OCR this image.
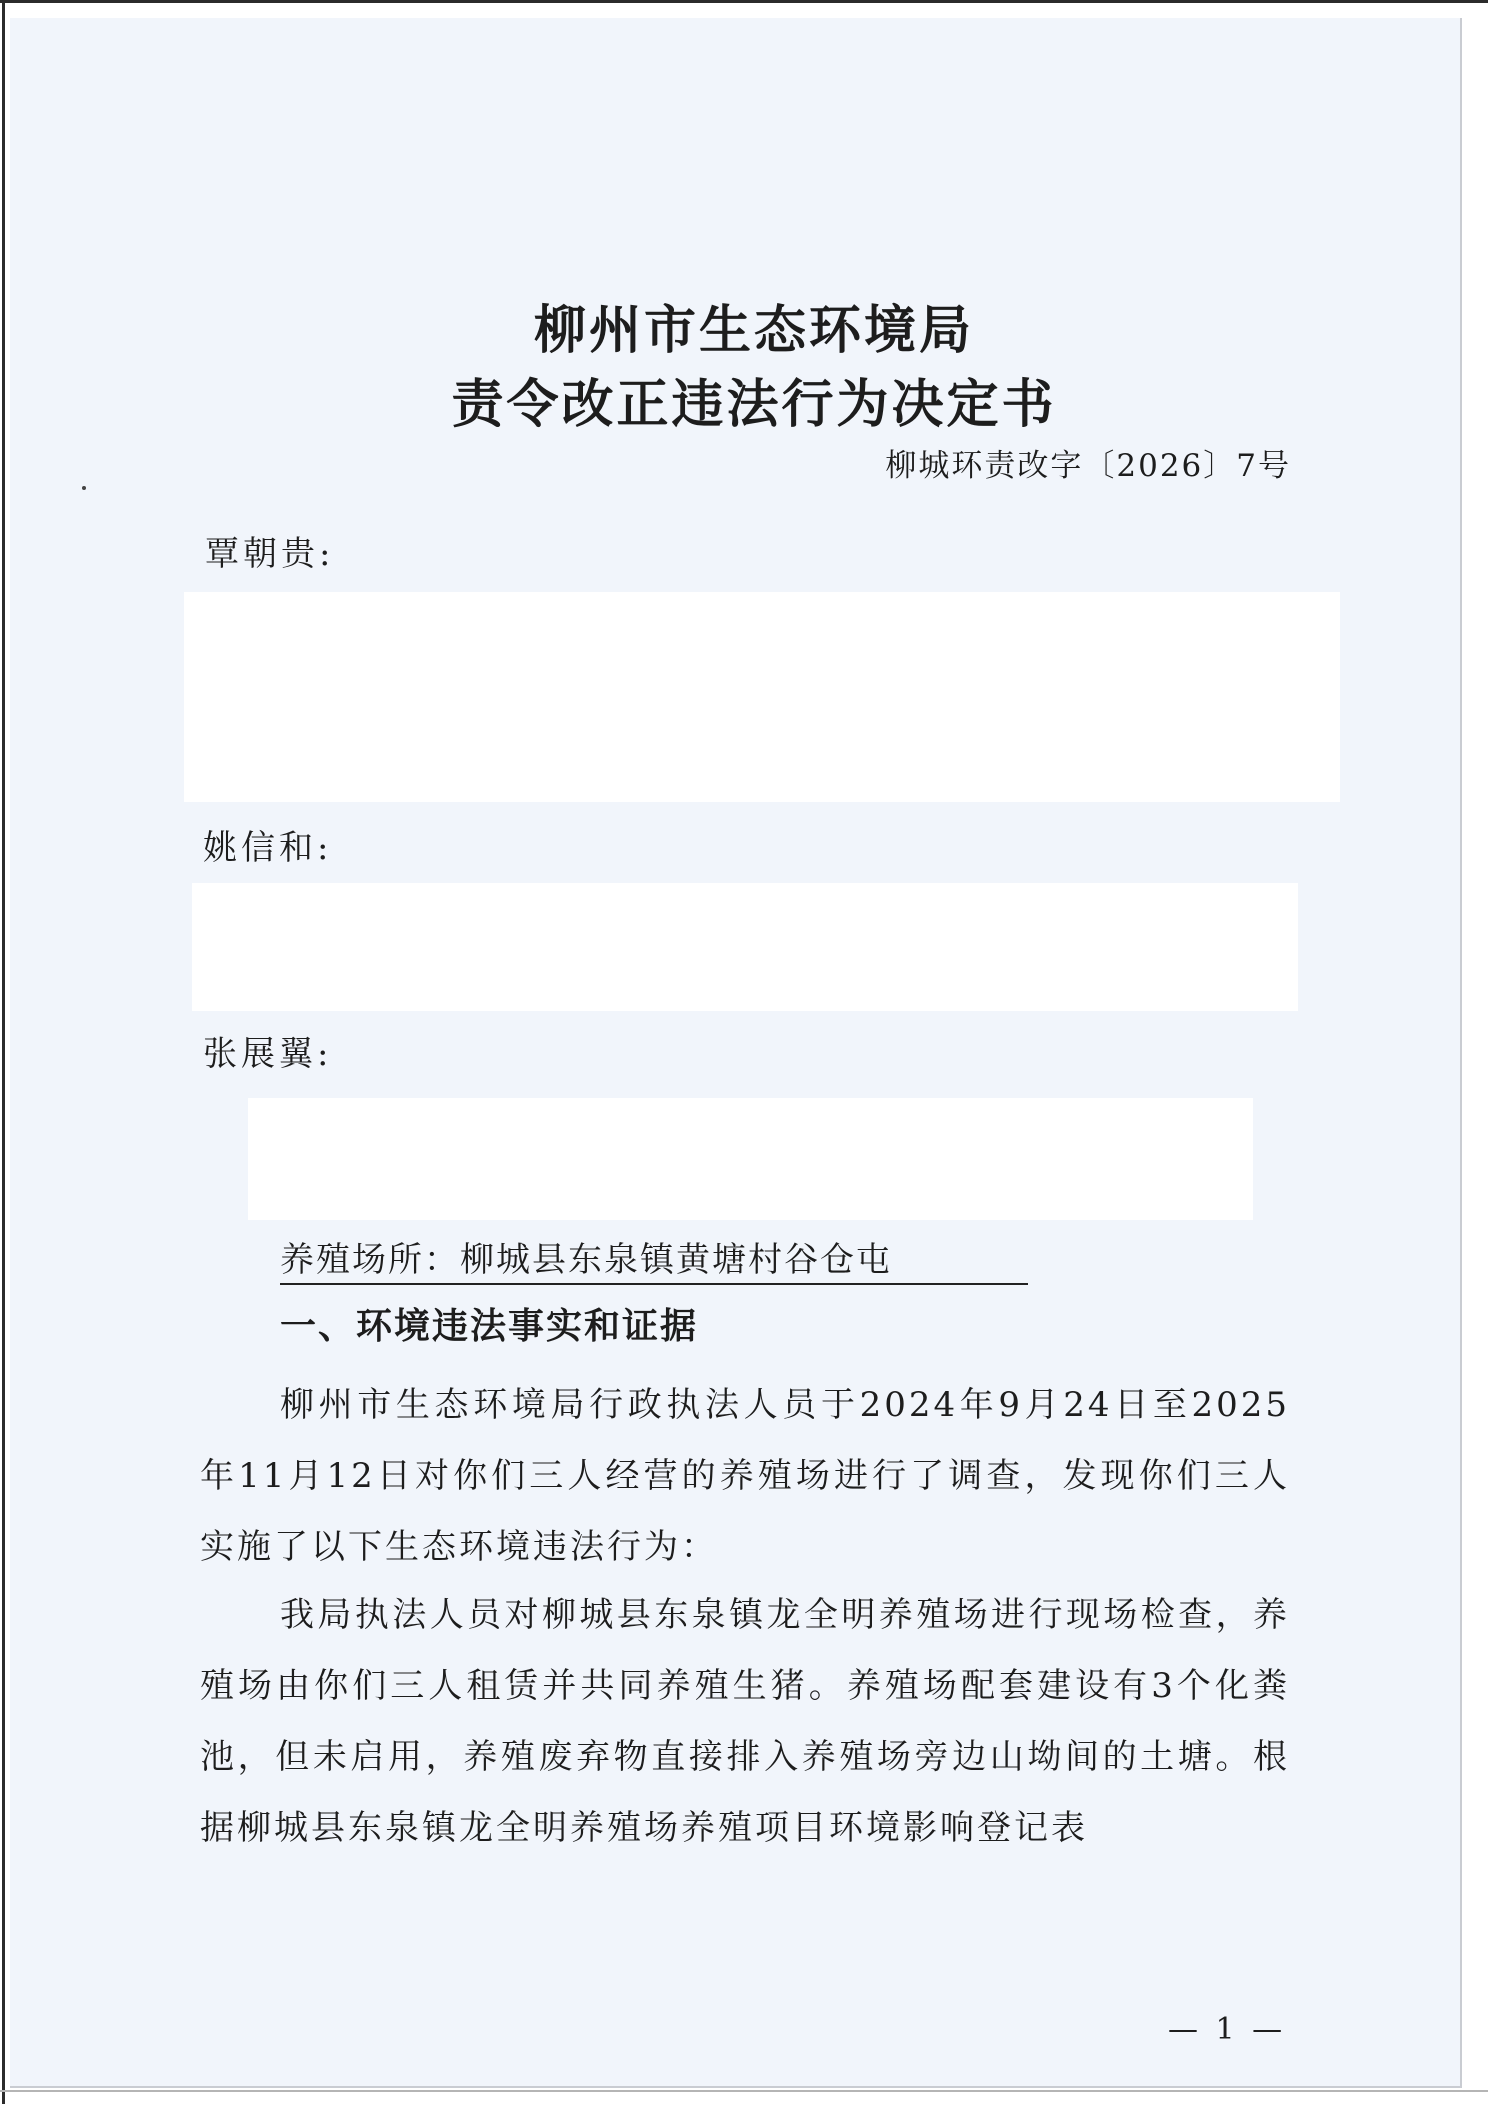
柳州市生态环境局
责令改正违法行为决定书
柳城环责改字〔2026〕7号
覃朝贵:
姚信和:
张展翼:
养殖场所：柳城县东泉镇黄塘村谷仓屯
一、环境违法事实和证据
柳州市生态环境局行政执法人员于2024年9月24日至2025年11月12日对你们三人经营的养殖场进行了调查，发现你们三人实施了以下生态环境违法行为：
我局执法人员对柳城县东泉镇龙全明养殖场进行现场检查，养殖场由你们三人租赁并共同养殖生猪。养殖场配套建设有3个化粪池，但未启用，养殖废弃物直接排入养殖场旁边山坳间的土塘。根据柳城县东泉镇龙全明养殖场养殖项目环境影响登记表
— 1 —
